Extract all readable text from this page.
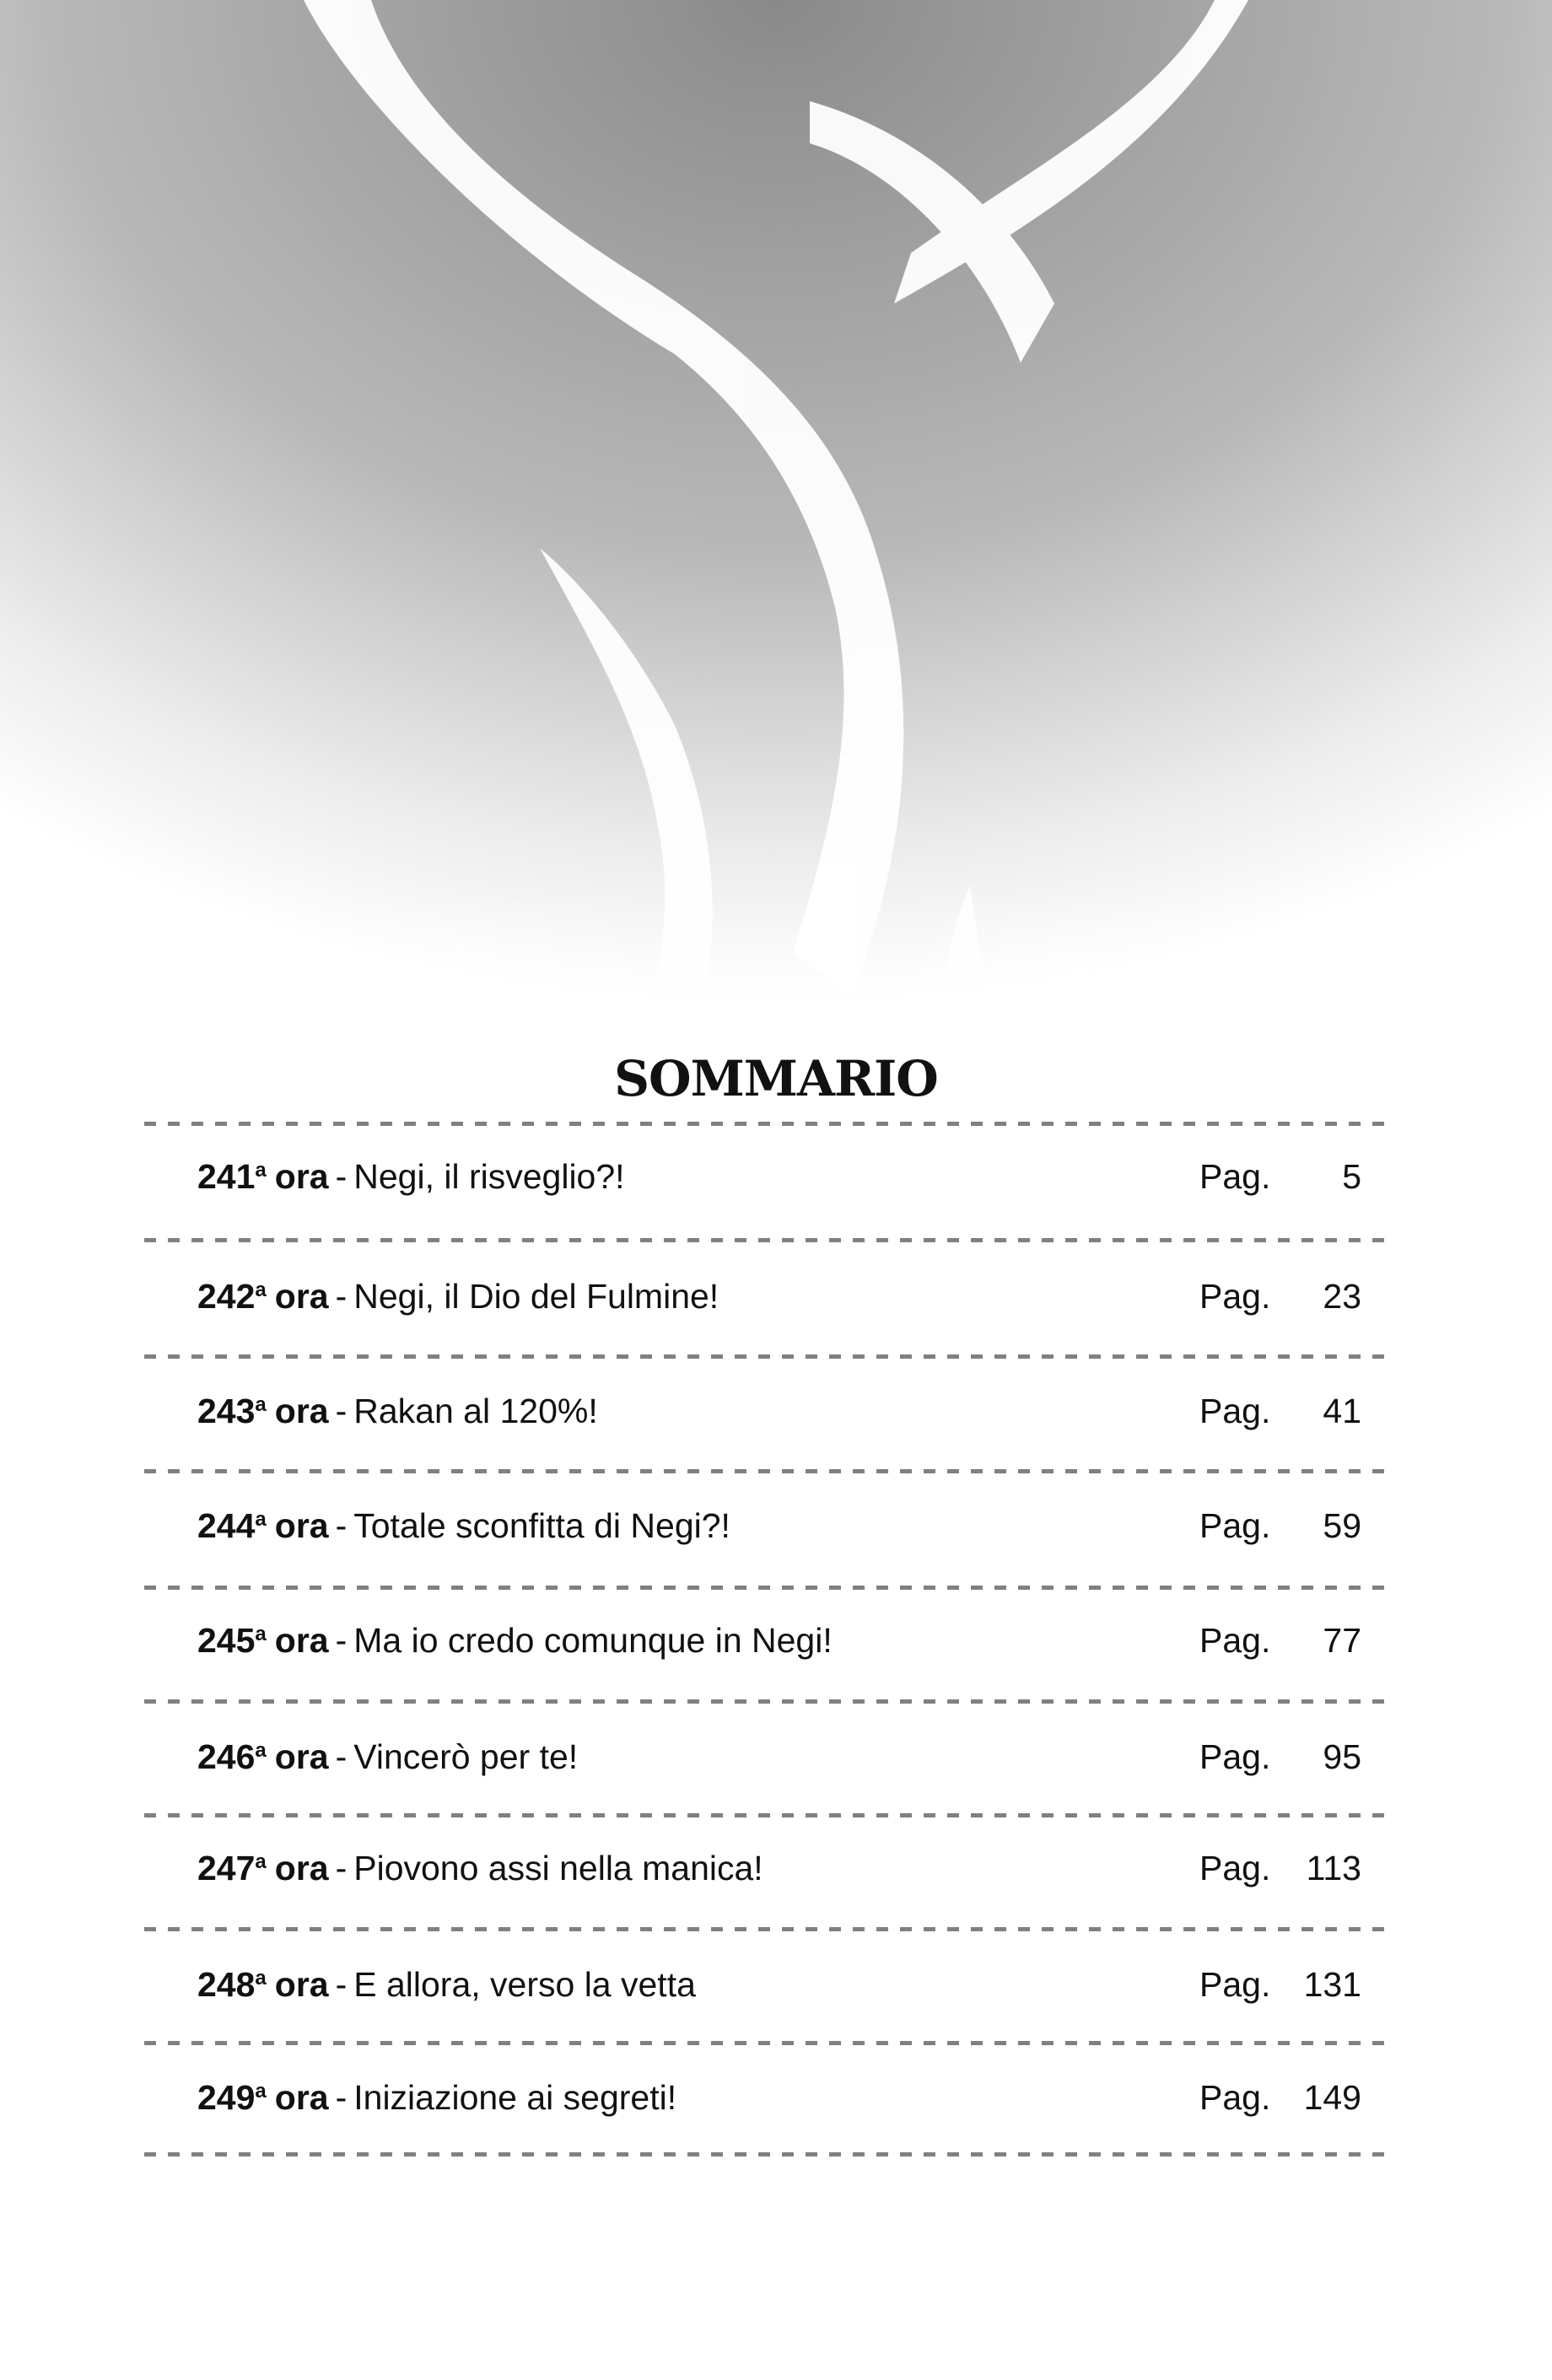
SOMMARIO
241$^a$ ora - Negi, il risveglio?!	Pag. 5
242$^a$ ora - Negi, il Dio del Fulmine!	Pag. 23
243$^a$ ora - Rakan al 120%!	Pag. 41
244$^a$ ora - Totale sconfitta di Negi?!	Pag. 59
245$^a$ ora - Ma io credo comunque in Negi!	Pag. 77
246$^a$ ora - Vincerò per te!	Pag. 95
247$^a$ ora - Piovono assi nella manica!	Pag. 113
248$^a$ ora - E allora, verso la vetta	Pag. 131
249$^a$ ora - Iniziazione ai segreti!	Pag. 149
